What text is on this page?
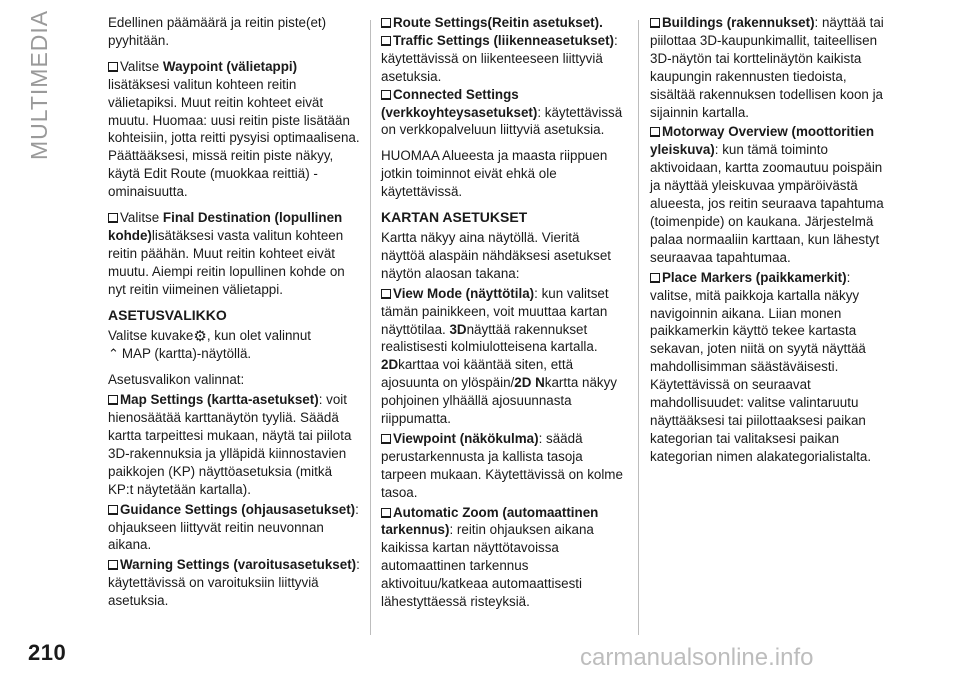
MULTIMEDIA	Edellinen päämäärä ja reitin piste(et) pyyhitään.

Valitse Waypoint (välietappi) lisätäksesi valitun kohteen reitin välietapiksi. Muut reitin kohteet eivät muutu. Huomaa: uusi reitin piste lisätään kohteisiin, jotta reitti pysyisi optimaalisena. Päättääksesi, missä reitin piste näkyy, käytä Edit Route (muokkaa reittiä) -ominaisuutta.

Valitse Final Destination (lopullinen kohde)lisätäksesi vasta valitun kohteen reitin päähän. Muut reitin kohteet eivät muutu. Aiempi reitin lopullinen kohde on nyt reitin viimeinen välietappi.

ASETUSVALIKKO

Valitse kuvake⚙, kun olet valinnut
⌃ MAP (kartta)-näytöllä.

Asetusvalikon valinnat:

Map Settings (kartta-asetukset): voit hienosäätää karttanäytön tyyliä. Säädä kartta tarpeittesi mukaan, näytä tai piilota 3D-rakennuksia ja ylläpidä kiinnostavien paikkojen (KP) näyttöasetuksia (mitkä KP:t näytetään kartalla).

Guidance Settings (ohjausasetukset): ohjaukseen liittyvät reitin neuvonnan aikana.

Warning Settings (varoitusasetukset): käytettävissä on varoituksiin liittyviä asetuksia.

Route Settings(Reitin asetukset).

Traffic Settings (liikenneasetukset): käytettävissä on liikenteeseen liittyviä asetuksia.

Connected Settings (verkkoyhteysasetukset): käytettävissä on verkkopalveluun liittyviä asetuksia.

HUOMAA Alueesta ja maasta riippuen jotkin toiminnot eivät ehkä ole käytettävissä.

KARTAN ASETUKSET

Kartta näkyy aina näytöllä. Vieritä näyttöä alaspäin nähdäksesi asetukset näytön alaosan takana:

View Mode (näyttötila): kun valitset tämän painikkeen, voit muuttaa kartan näyttötilaa. 3Dnäyttää rakennukset realistisesti kolmiulotteisena kartalla. 2Dkarttaa voi kääntää siten, että ajosuunta on ylöspäin/2D Nkartta näkyy pohjoinen ylhäällä ajosuunnasta riippumatta.

Viewpoint (näkökulma): säädä perustarkennusta ja kallista tasoja tarpeen mukaan. Käytettävissä on kolme tasoa.

Automatic Zoom (automaattinen tarkennus): reitin ohjauksen aikana kaikissa kartan näyttötavoissa automaattinen tarkennus aktivoituu/katkeaa automaattisesti lähestyttäessä risteyksiä.

Buildings (rakennukset): näyttää tai piilottaa 3D-kaupunkimallit, taiteellisen 3D-näytön tai korttelinäytön kaikista kaupungin rakennusten tiedoista, sisältää rakennuksen todellisen koon ja sijainnin kartalla.

Motorway Overview (moottoritien yleiskuva): kun tämä toiminto aktivoidaan, kartta zoomautuu poispäin ja näyttää yleiskuvaa ympäröivästä alueesta, jos reitin seuraava tapahtuma (toimenpide) on kaukana. Järjestelmä palaa normaaliin karttaan, kun lähestyt seuraavaa tapahtumaa.

Place Markers (paikkamerkit): valitse, mitä paikkoja kartalla näkyy navigoinnin aikana. Liian monen paikkamerkin käyttö tekee kartasta sekavan, joten niitä on syytä näyttää mahdollisimman säästäväisesti. Käytettävissä on seuraavat mahdollisuudet: valitse valintaruutu näyttääksesi tai piilottaaksesi paikan kategorian tai valitaksesi paikan kategorian nimen alakategorialistalta.

210	carmanualsonline.info
